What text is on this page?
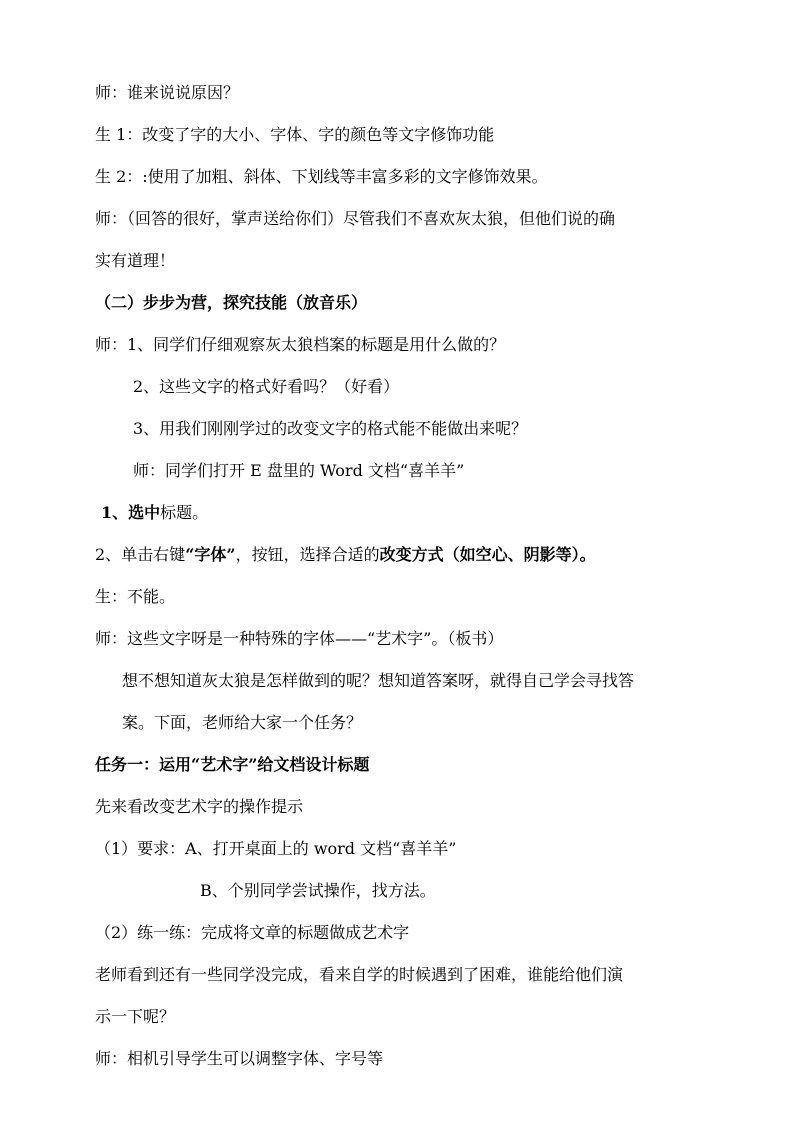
师：谁来说说原因？
生 1：改变了字的大小、字体、字的颜色等文字修饰功能
生 2：:使用了加粗、斜体、下划线等丰富多彩的文字修饰效果。
师：（回答的很好，掌声送给你们）尽管我们不喜欢灰太狼，但他们说的确
实有道理！
（二）步步为营，探究技能（放音乐）
师：1、同学们仔细观察灰太狼档案的标题是用什么做的？
2、这些文字的格式好看吗？（好看）
3、用我们刚刚学过的改变文字的格式能不能做出来呢？
师：同学们打开 E 盘里的 Word 文档“喜羊羊”
1、选中标题。
2、单击右键“字体”，按钮，选择合适的改变方式（如空心、阴影等）。
生：不能。
师：这些文字呀是一种特殊的字体——“艺术字”。（板书）
想不想知道灰太狼是怎样做到的呢？想知道答案呀，就得自己学会寻找答
案。下面，老师给大家一个任务？
任务一：运用“艺术字”给文档设计标题
先来看改变艺术字的操作提示
（1）要求：A、打开桌面上的 word 文档“喜羊羊”
B、个别同学尝试操作，找方法。
（2）练一练：完成将文章的标题做成艺术字
老师看到还有一些同学没完成，看来自学的时候遇到了困难，谁能给他们演
示一下呢？
师：相机引导学生可以调整字体、字号等
